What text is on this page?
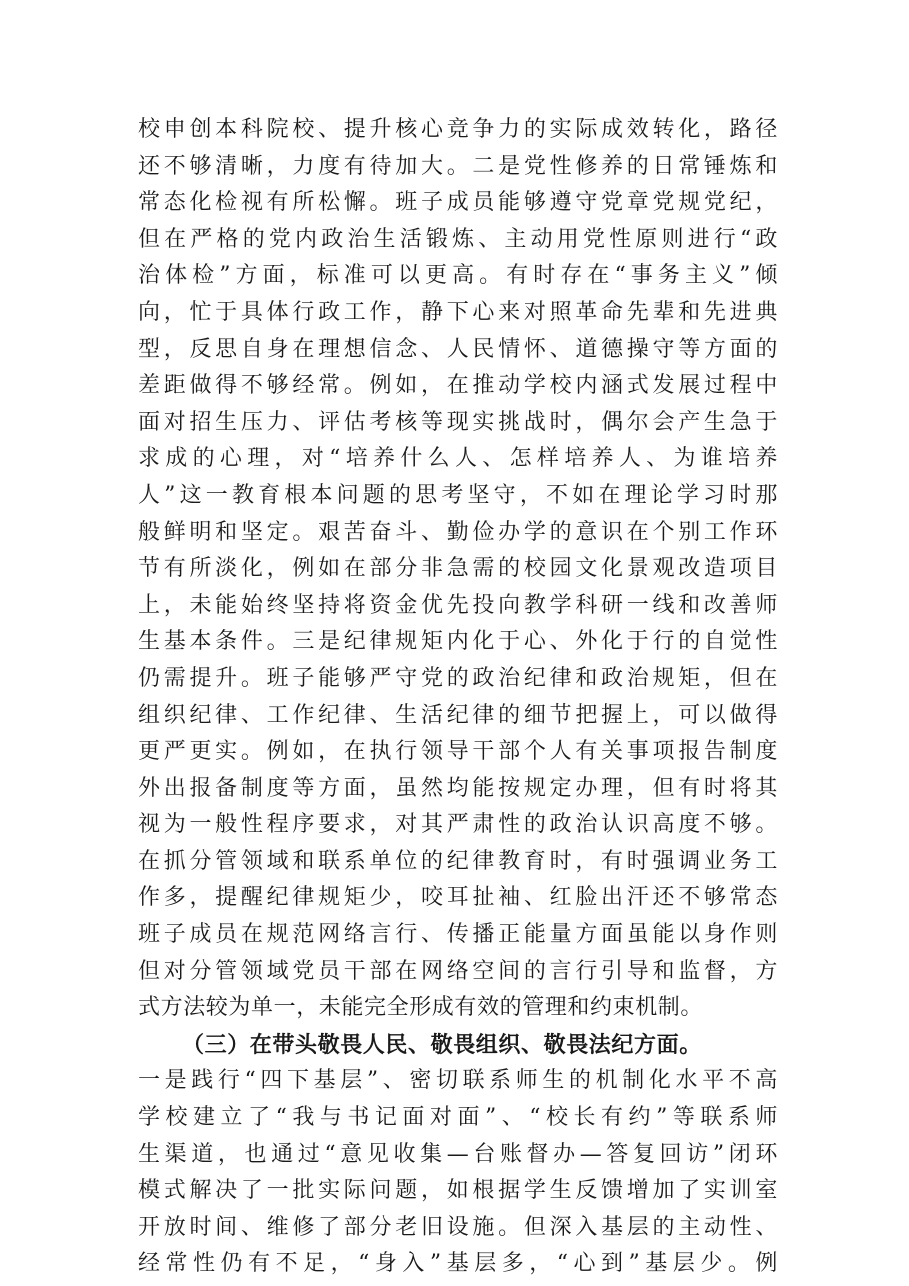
校申创本科院校、提升核心竞争力的实际成效转化，路径
还不够清晰，力度有待加大。二是党性修养的日常锤炼和
常态化检视有所松懈。班子成员能够遵守党章党规党纪，
但在严格的党内政治生活锻炼、主动用党性原则进行“政
治体检”方面，标准可以更高。有时存在“事务主义”倾
向，忙于具体行政工作，静下心来对照革命先辈和先进典
型，反思自身在理想信念、人民情怀、道德操守等方面的
差距做得不够经常。例如，在推动学校内涵式发展过程中
面对招生压力、评估考核等现实挑战时，偶尔会产生急于
求成的心理，对“培养什么人、怎样培养人、为谁培养
人”这一教育根本问题的思考坚守，不如在理论学习时那
般鲜明和坚定。艰苦奋斗、勤俭办学的意识在个别工作环
节有所淡化，例如在部分非急需的校园文化景观改造项目
上，未能始终坚持将资金优先投向教学科研一线和改善师
生基本条件。三是纪律规矩内化于心、外化于行的自觉性
仍需提升。班子能够严守党的政治纪律和政治规矩，但在
组织纪律、工作纪律、生活纪律的细节把握上，可以做得
更严更实。例如，在执行领导干部个人有关事项报告制度
外出报备制度等方面，虽然均能按规定办理，但有时将其
视为一般性程序要求，对其严肃性的政治认识高度不够。
在抓分管领域和联系单位的纪律教育时，有时强调业务工
作多，提醒纪律规矩少，咬耳扯袖、红脸出汗还不够常态
班子成员在规范网络言行、传播正能量方面虽能以身作则
但对分管领域党员干部在网络空间的言行引导和监督，方
式方法较为单一，未能完全形成有效的管理和约束机制。
（三）在带头敬畏人民、敬畏组织、敬畏法纪方面。
一是践行“四下基层”、密切联系师生的机制化水平不高
学校建立了“我与书记面对面”、“校长有约”等联系师
生渠道，也通过“意见收集—台账督办—答复回访”闭环
模式解决了一批实际问题，如根据学生反馈增加了实训室
开放时间、维修了部分老旧设施。但深入基层的主动性、
经常性仍有不足，“身入”基层多，“心到”基层少。例
